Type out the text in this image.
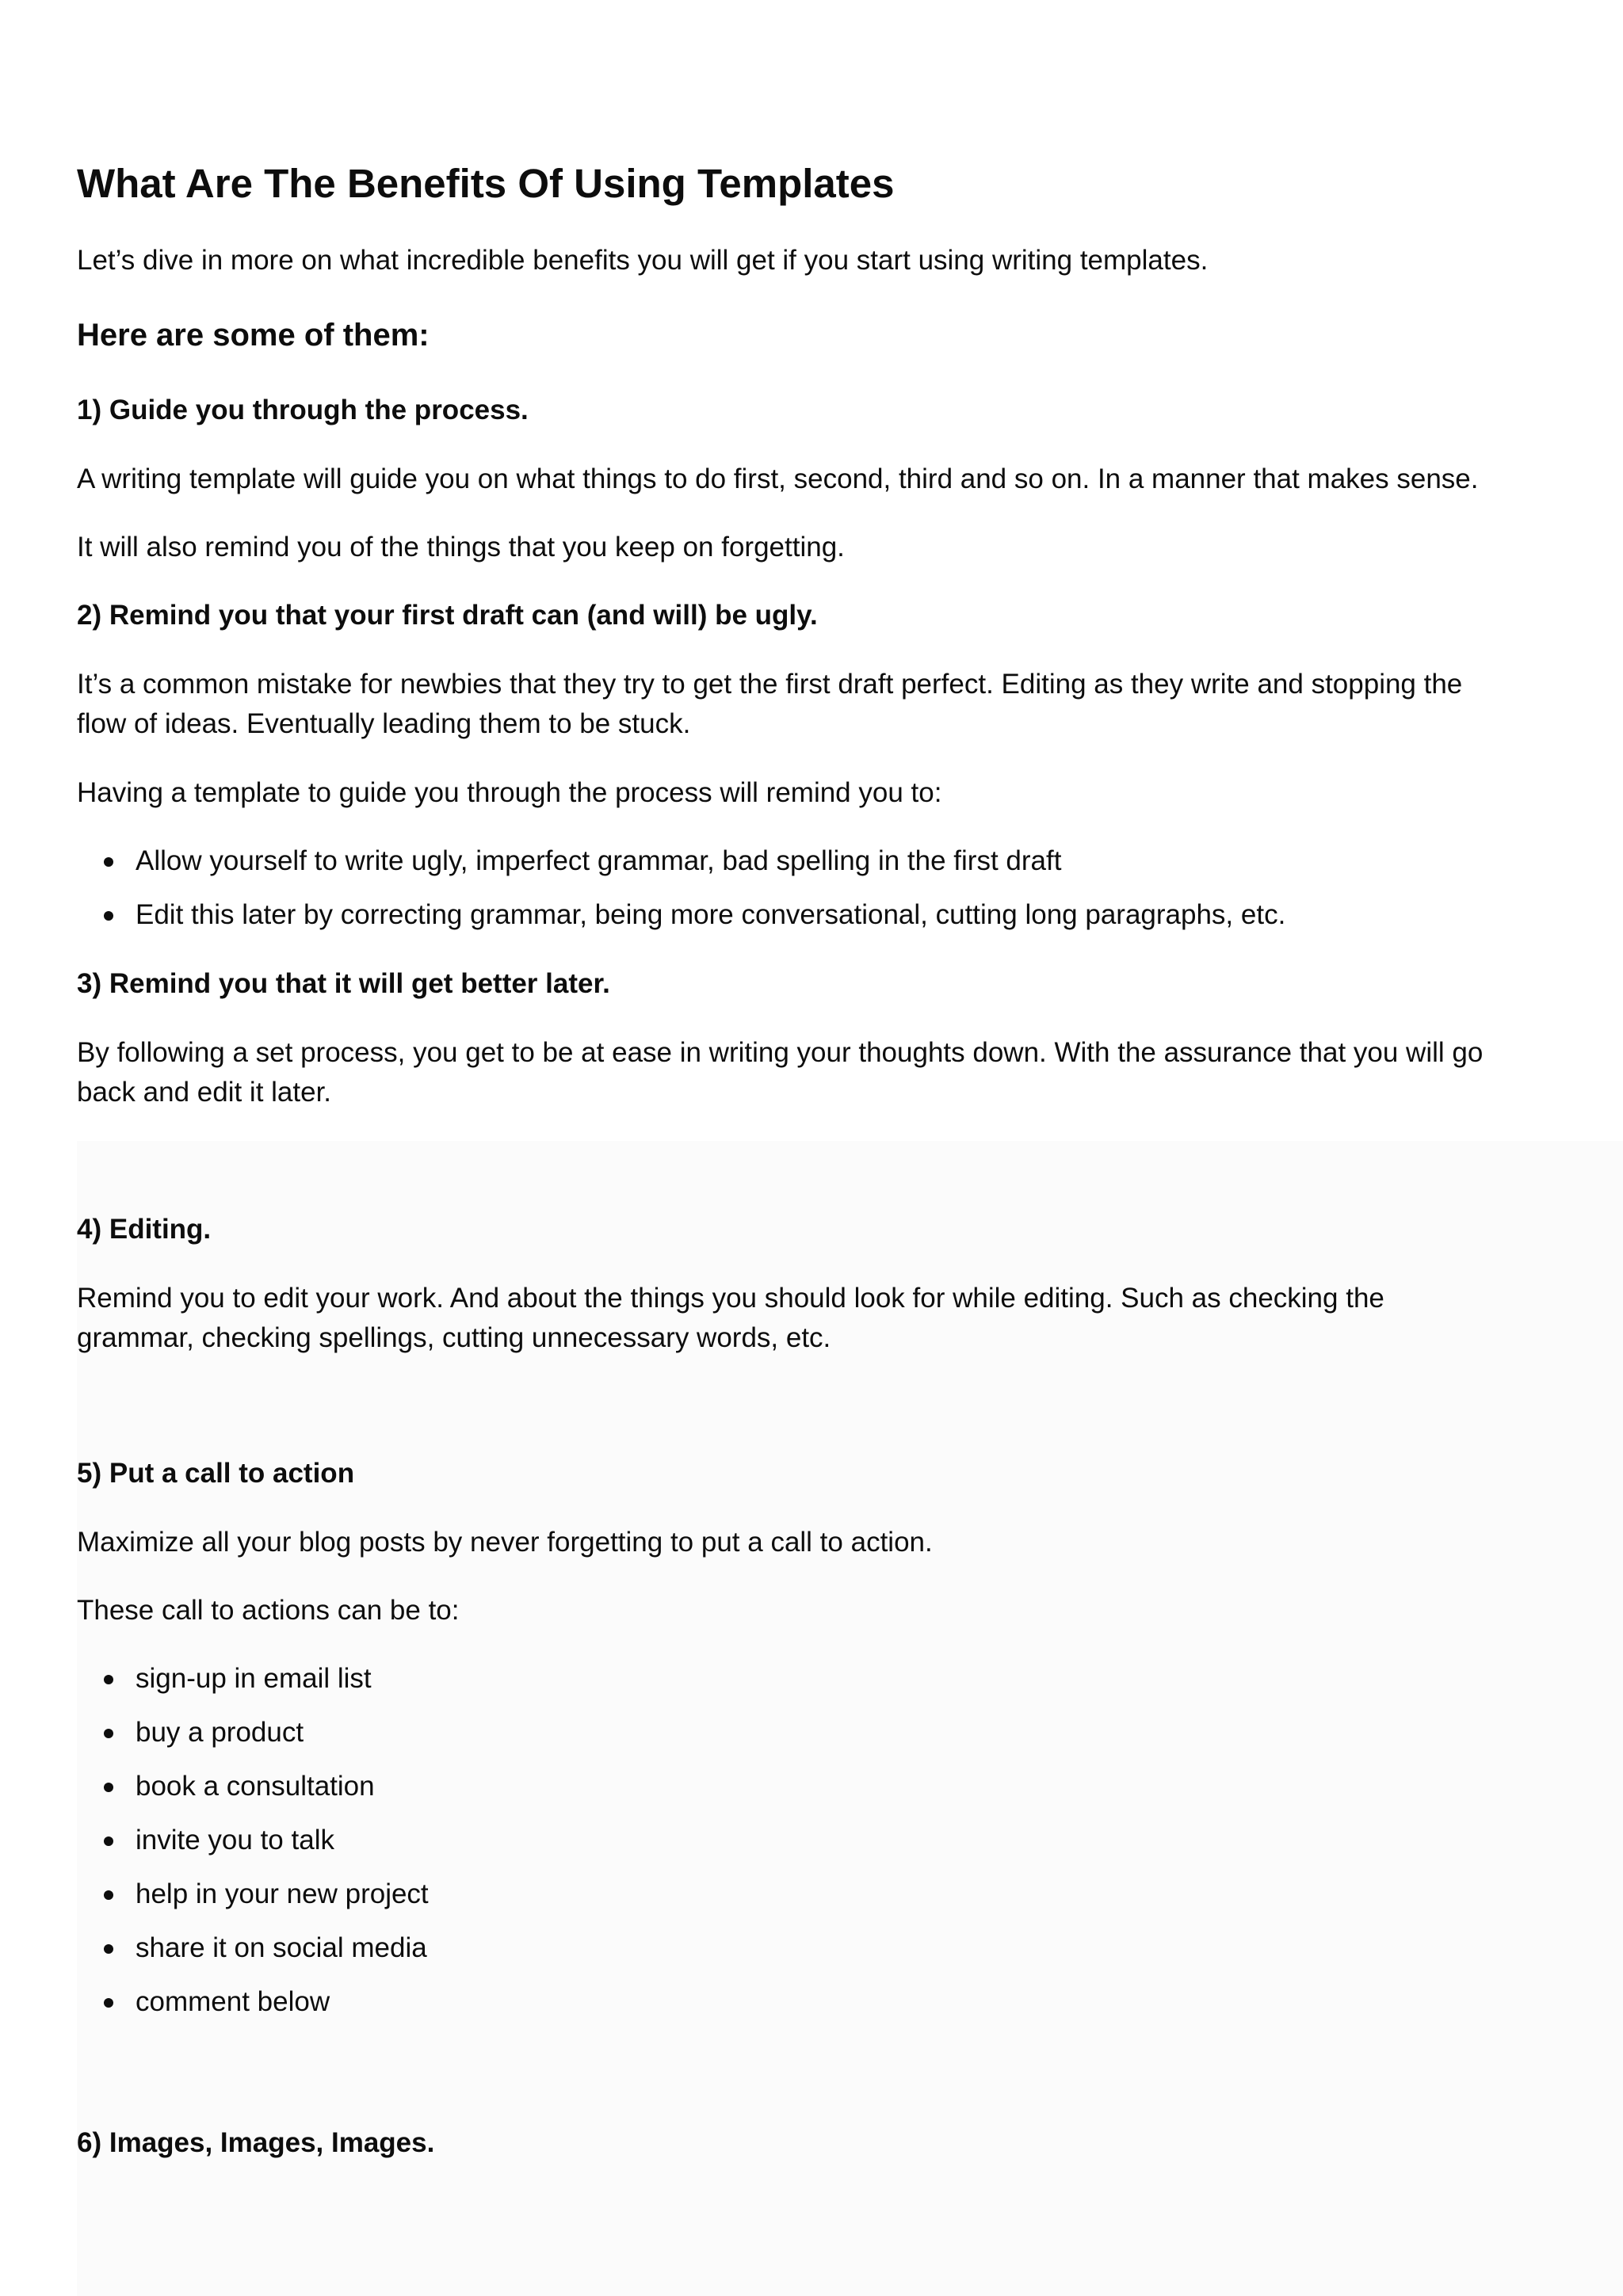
What Are The Benefits Of Using Templates

Let’s dive in more on what incredible benefits you will get if you start using writing templates.

Here are some of them:
1) Guide you through the process.

A writing template will guide you on what things to do first, second, third and so on. In a manner that makes sense.

It will also remind you of the things that you keep on forgetting.

2) Remind you that your first draft can (and will) be ugly.

It’s a common mistake for newbies that they try to get the first draft perfect. Editing as they write and stopping the

flow of ideas. Eventually leading them to be stuck.

Having a template to guide you through the process will remind you to:

Allow yourself to write ugly, imperfect grammar, bad spelling in the first draft
Edit this later by correcting grammar, being more conversational, cutting long paragraphs, etc.
3) Remind you that it will get better later.

By following a set process, you get to be at ease in writing your thoughts down. With the assurance that you will go

back and edit it later.

4) Editing.

Remind you to edit your work. And about the things you should look for while editing. Such as checking the

grammar, checking spellings, cutting unnecessary words, etc.

5) Put a call to action

Maximize all your blog posts by never forgetting to put a call to action.

These call to actions can be to:

sign-up in email list
buy a product
book a consultation
invite you to talk
help in your new project
share it on social media
comment below
6) Images, Images, Images.
